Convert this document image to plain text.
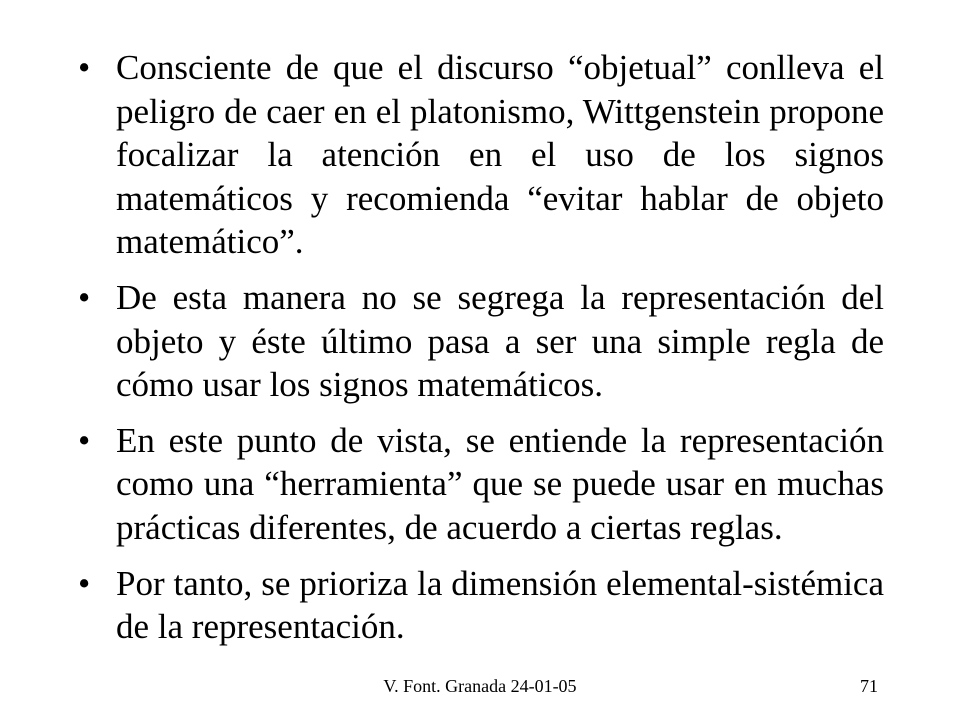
• Consciente de que el discurso “objetual” conlleva el peligro de caer en el platonismo, Wittgenstein propone focalizar la atención en el uso de los signos matemáticos y recomienda “evitar hablar de objeto matemático”.
• De esta manera no se segrega la representación del objeto y éste último pasa a ser una simple regla de cómo usar los signos matemáticos.
• En este punto de vista, se entiende la representación como una “herramienta” que se puede usar en muchas prácticas diferentes, de acuerdo a ciertas reglas.
• Por tanto, se prioriza la dimensión elemental-sistémica de la representación.
V. Font. Granada 24-01-05	71
